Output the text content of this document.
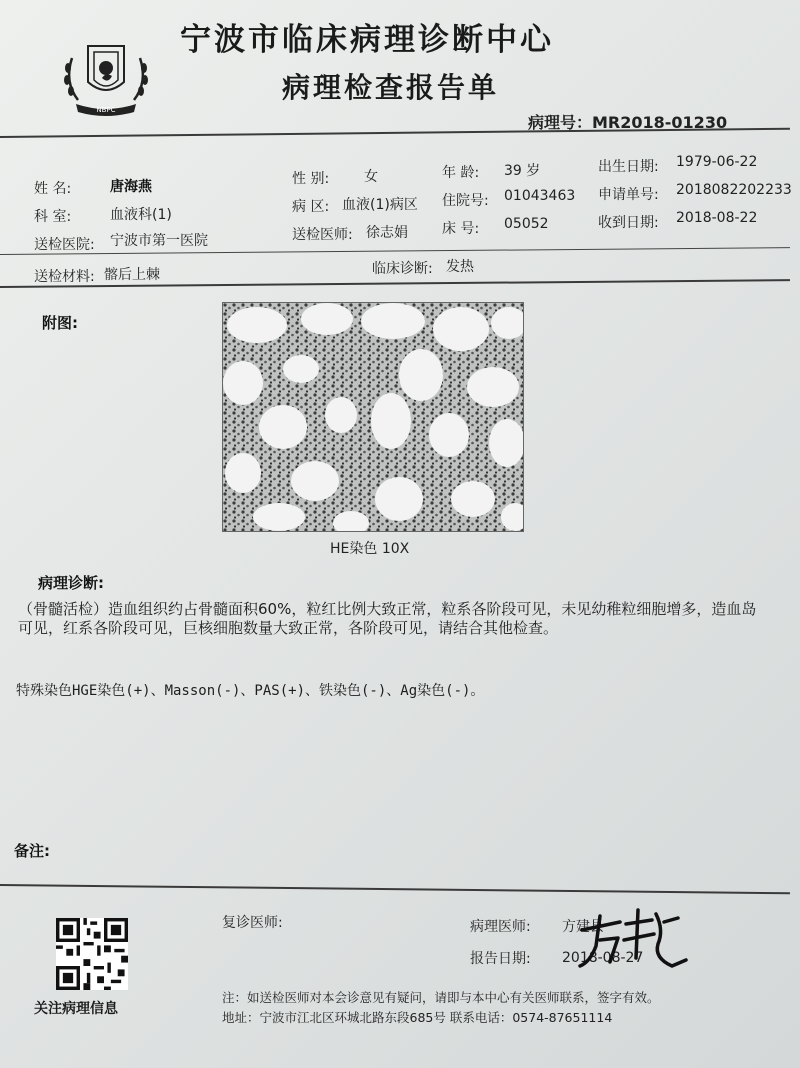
NBPC
宁波市临床病理诊断中心
病理检查报告单
病理号：MR2018-01230
姓 名:	唐海燕	性 别: 女	年 龄: 39 岁	出生日期: 1979-06-22
科 室:	血液科(1)	病 区: 血液(1)病区 住院号: 01043463 申请单号: 2018082202233
送检医院: 宁波市第一医院	送检医师: 徐志娟 床 号: 05052	收到日期: 2018-08-22
送检材料: 髂后上棘	临床诊断: 发热
附图:
HE染色 10X
病理诊断:
（骨髓活检）造血组织约占骨髓面积60%，粒红比例大致正常，粒系各阶段可见，未见幼稚粒细胞增多，造血岛可见，红系各阶段可见，巨核细胞数量大致正常，各阶段可见，请结合其他检查。
特殊染色HGE染色(+)、Masson(-)、PAS(+)、铁染色(-)、Ag染色(-)。
备注:
关注病理信息
复诊医师:	病理医师: 方建县
报告日期: 2018-08-27
注：如送检医师对本会诊意见有疑问，请即与本中心有关医师联系，签字有效。
地址：宁波市江北区环城北路东段685号 联系电话：0574-87651114
